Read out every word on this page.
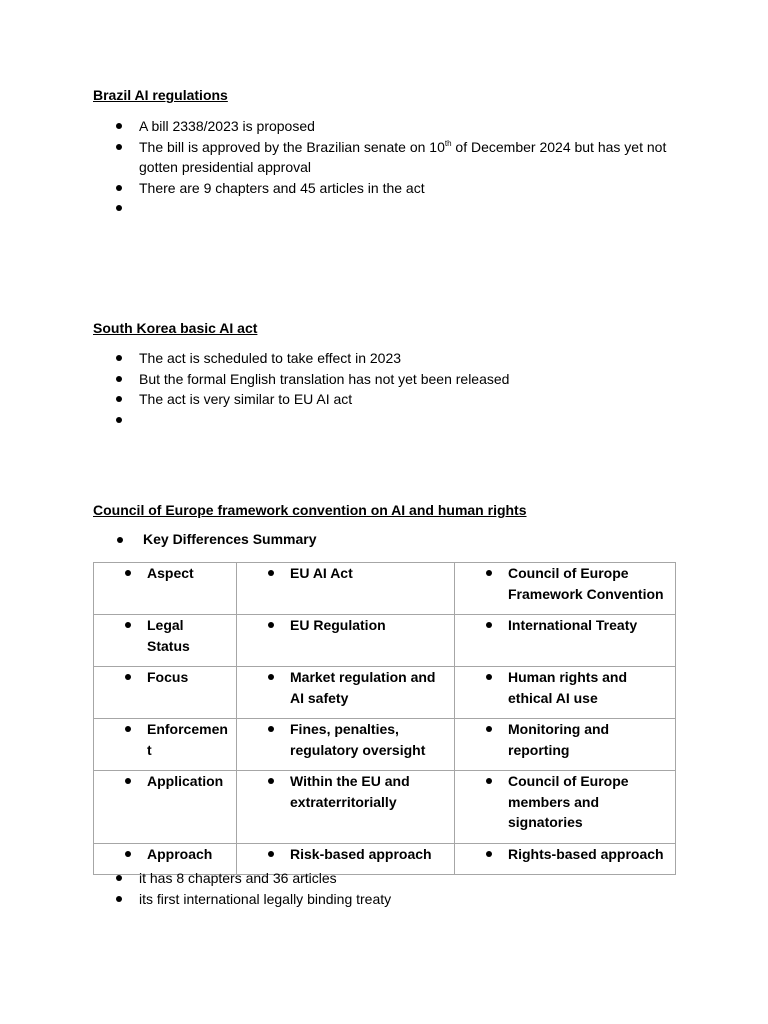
Brazil AI regulations
A bill 2338/2023 is proposed
The bill is approved by the Brazilian senate on 10th of December 2024 but has yet not
gotten presidential approval
There are 9 chapters and 45 articles in the act
South Korea basic AI act
The act is scheduled to take effect in 2023
But the formal English translation has not yet been released
The act is very similar to EU AI act
Council of Europe framework convention on AI and human rights
Key Differences Summary
Aspect	EU AI Act	Council of Europe Framework Convention

Legal Status	EU Regulation	International Treaty

Focus	Market regulation and AI safety	Human rights and ethical AI use

Enforcement	Fines, penalties, regulatory oversight	Monitoring and reporting

Application	Within the EU and extraterritorially	Council of Europe members and signatories

Approach	Risk-based approach	Rights-based approach
it has 8 chapters and 36 articles
its first international legally binding treaty
